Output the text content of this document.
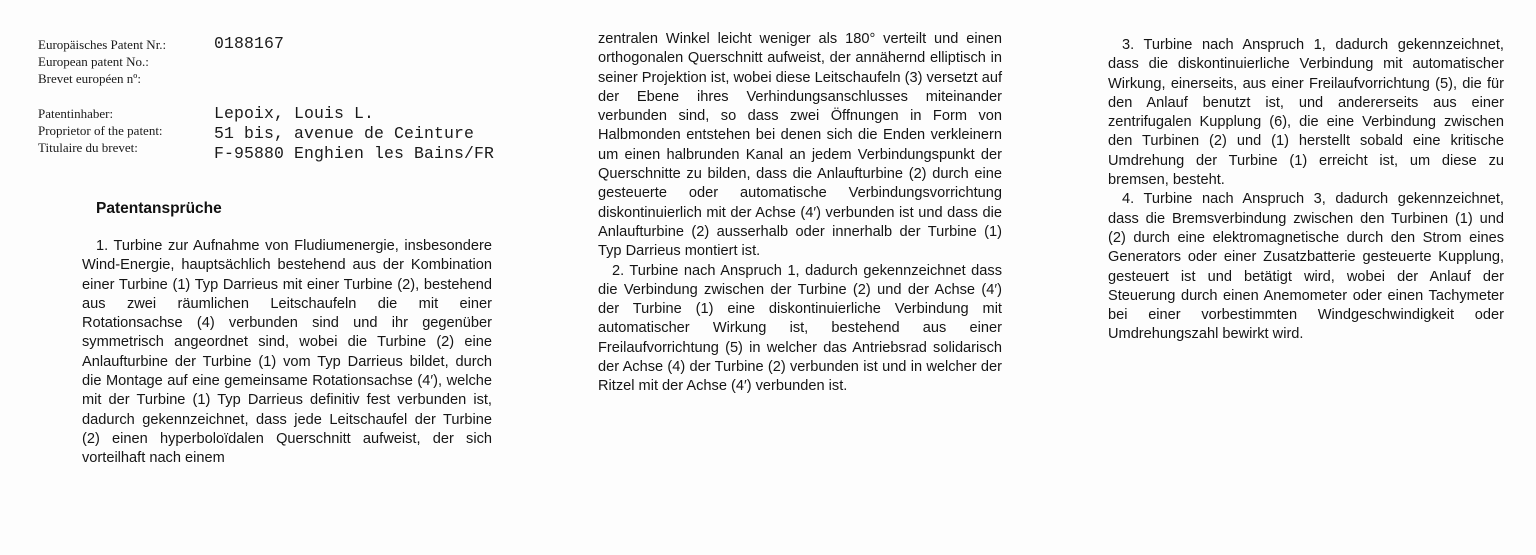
Europäisches Patent Nr.:
European patent No.:
Brevet européen nº:
0188167
Patentinhaber:
Proprietor of the patent:
Titulaire du brevet:
Lepoix, Louis L.
51 bis, avenue de Ceinture
F-95880 Enghien les Bains/FR
Patentansprüche

1. Turbine zur Aufnahme von Fludiumenergie, insbesondere Wind-Energie, hauptsächlich bestehend aus der Kombination einer Turbine (1) Typ Darrieus mit einer Turbine (2), bestehend aus zwei räumlichen Leitschaufeln die mit einer Rotationsachse (4) verbunden sind und ihr gegenüber symmetrisch angeordnet sind, wobei die Turbine (2) eine Anlaufturbine der Turbine (1) vom Typ Darrieus bildet, durch die Montage auf eine gemeinsame Rotationsachse (4′), welche mit der Turbine (1) Typ Darrieus definitiv fest verbunden ist, dadurch gekennzeichnet, dass jede Leitschaufel der Turbine (2) einen hyperboloïdalen Querschnitt aufweist, der sich vorteilhaft nach einem

zentralen Winkel leicht weniger als 180° verteilt und einen orthogonalen Querschnitt aufweist, der annähernd elliptisch in seiner Projektion ist, wobei diese Leitschaufeln (3) versetzt auf der Ebene ihres Verhindungsanschlusses miteinander verbunden sind, so dass zwei Öffnungen in Form von Halbmonden entstehen bei denen sich die Enden verkleinern um einen halbrunden Kanal an jedem Verbindungspunkt der Querschnitte zu bilden, dass die Anlaufturbine (2) durch eine gesteuerte oder automatische Verbindungsvorrichtung diskontinuierlich mit der Achse (4′) verbunden ist und dass die Anlaufturbine (2) ausserhalb oder innerhalb der Turbine (1) Typ Darrieus montiert ist.

2. Turbine nach Anspruch 1, dadurch gekennzeichnet dass die Verbindung zwischen der Turbine (2) und der Achse (4′) der Turbine (1) eine diskontinuierliche Verbindung mit automatischer Wirkung ist, bestehend aus einer Freilaufvorrichtung (5) in welcher das Antriebsrad solidarisch der Achse (4) der Turbine (2) verbunden ist und in welcher der Ritzel mit der Achse (4′) verbunden ist.

3. Turbine nach Anspruch 1, dadurch gekennzeichnet, dass die diskontinuierliche Verbindung mit automatischer Wirkung, einerseits, aus einer Freilaufvorrichtung (5), die für den Anlauf benutzt ist, und andererseits aus einer zentrifugalen Kupplung (6), die eine Verbindung zwischen den Turbinen (2) und (1) herstellt sobald eine kritische Umdrehung der Turbine (1) erreicht ist, um diese zu bremsen, besteht.

4. Turbine nach Anspruch 3, dadurch gekennzeichnet, dass die Bremsverbindung zwischen den Turbinen (1) und (2) durch eine elektromagnetische durch den Strom eines Generators oder einer Zusatzbatterie gesteuerte Kupplung, gesteuert ist und betätigt wird, wobei der Anlauf der Steuerung durch einen Anemometer oder einen Tachymeter bei einer vorbestimmten Windgeschwindigkeit oder Umdrehungszahl bewirkt wird.
